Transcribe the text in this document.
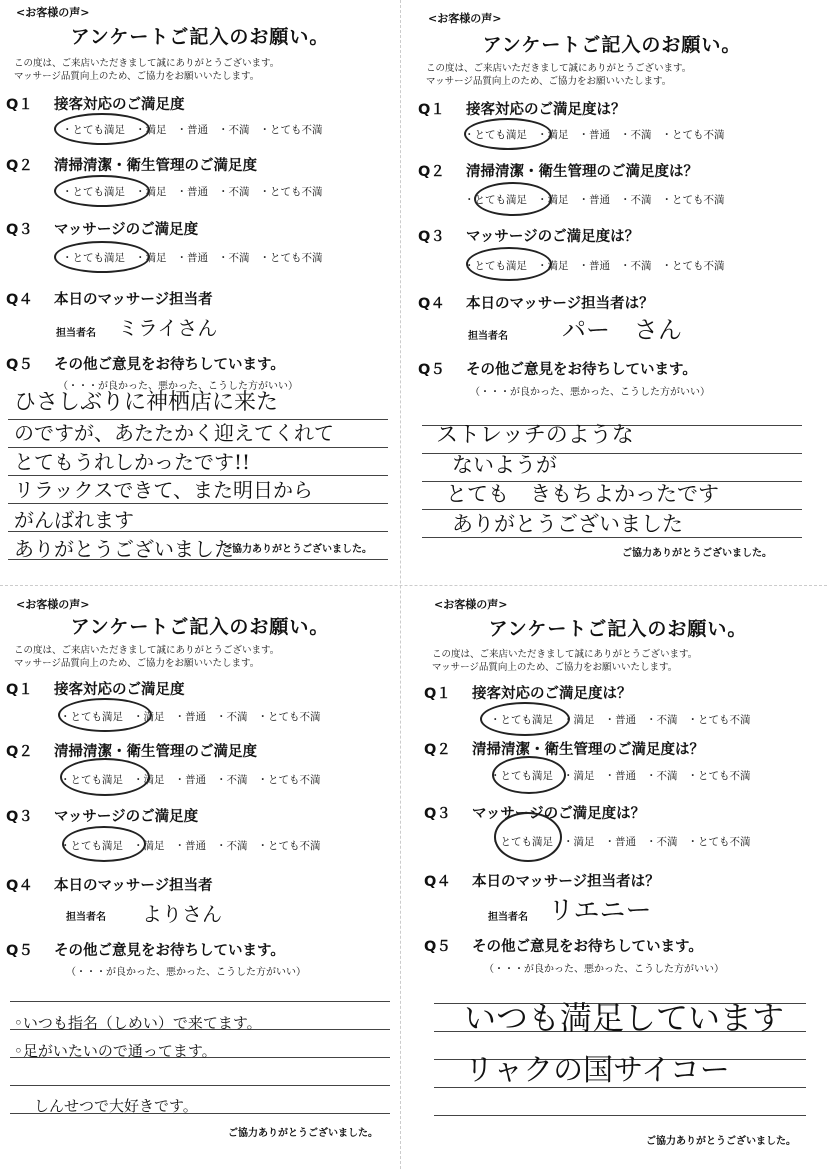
<お客様の声>
アンケートご記入のお願い。
この度は、ご来店いただきまして誠にありがとうございます。
マッサージ品質向上のため、ご協力をお願いいたします。
Q１ 接客対応のご満足度
・とても満足 ・満足 ・普通 ・不満 ・とても不満
Q２ 清掃清潔・衛生管理のご満足度
・とても満足 ・満足 ・普通 ・不満 ・とても不満
Q３ マッサージのご満足度
・とても満足 ・満足 ・普通 ・不満 ・とても不満
Q４ 本日のマッサージ担当者
担当者名 ミライさん
Q５ その他ご意見をお待ちしています。
（・・・が良かった、悪かった、こうした方がいい）
ひさしぶりに神栖店に来た
のですが、あたたかく迎えてくれて
とてもうれしかったです!!
リラックスできて、また明日から
がんばれます
ありがとうございました
ご協力ありがとうございました。
<お客様の声>
アンケートご記入のお願い。
この度は、ご来店いただきまして誠にありがとうございます。
マッサージ品質向上のため、ご協力をお願いいたします。
Q１ 接客対応のご満足度は？
・とても満足 ・満足 ・普通 ・不満 ・とても不満
Q２ 清掃清潔・衛生管理のご満足度は？
・とても満足 ・満足 ・普通 ・不満 ・とても不満
Q３ マッサージのご満足度は？
・とても満足 ・満足 ・普通 ・不満 ・とても不満
Q４ 本日のマッサージ担当者は？
担当者名 パー　さん
Q５ その他ご意見をお待ちしています。
（・・・が良かった、悪かった、こうした方がいい）
ストレッチのような
ないようが
とても　きもちよかったです
ありがとうございました
ご協力ありがとうございました。
<お客様の声>
アンケートご記入のお願い。
この度は、ご来店いただきまして誠にありがとうございます。
マッサージ品質向上のため、ご協力をお願いいたします。
Q１ 接客対応のご満足度
・とても満足 ・満足 ・普通 ・不満 ・とても不満
Q２ 清掃清潔・衛生管理のご満足度
・とても満足 ・満足 ・普通 ・不満 ・とても不満
Q３ マッサージのご満足度
・とても満足 ・満足 ・普通 ・不満 ・とても不満
Q４ 本日のマッサージ担当者
担当者名 よりさん
Q５ その他ご意見をお待ちしています。
（・・・が良かった、悪かった、こうした方がいい）
◦いつも指名（しめい）で来てます。
◦足がいたいので通ってます。
しんせつで大好きです。
ご協力ありがとうございました。
<お客様の声>
アンケートご記入のお願い。
この度は、ご来店いただきまして誠にありがとうございます。
マッサージ品質向上のため、ご協力をお願いいたします。
Q１ 接客対応のご満足度は？
・とても満足 ・満足 ・普通 ・不満 ・とても不満
Q２ 清掃清潔・衛生管理のご満足度は？
・とても満足 ・満足 ・普通 ・不満 ・とても不満
Q３ マッサージのご満足度は？
・とても満足 ・満足 ・普通 ・不満 ・とても不満
Q４ 本日のマッサージ担当者は？
担当者名 リエニー
Q５ その他ご意見をお待ちしています。
（・・・が良かった、悪かった、こうした方がいい）
いつも満足しています
リャクの国サイコー
ご協力ありがとうございました。
